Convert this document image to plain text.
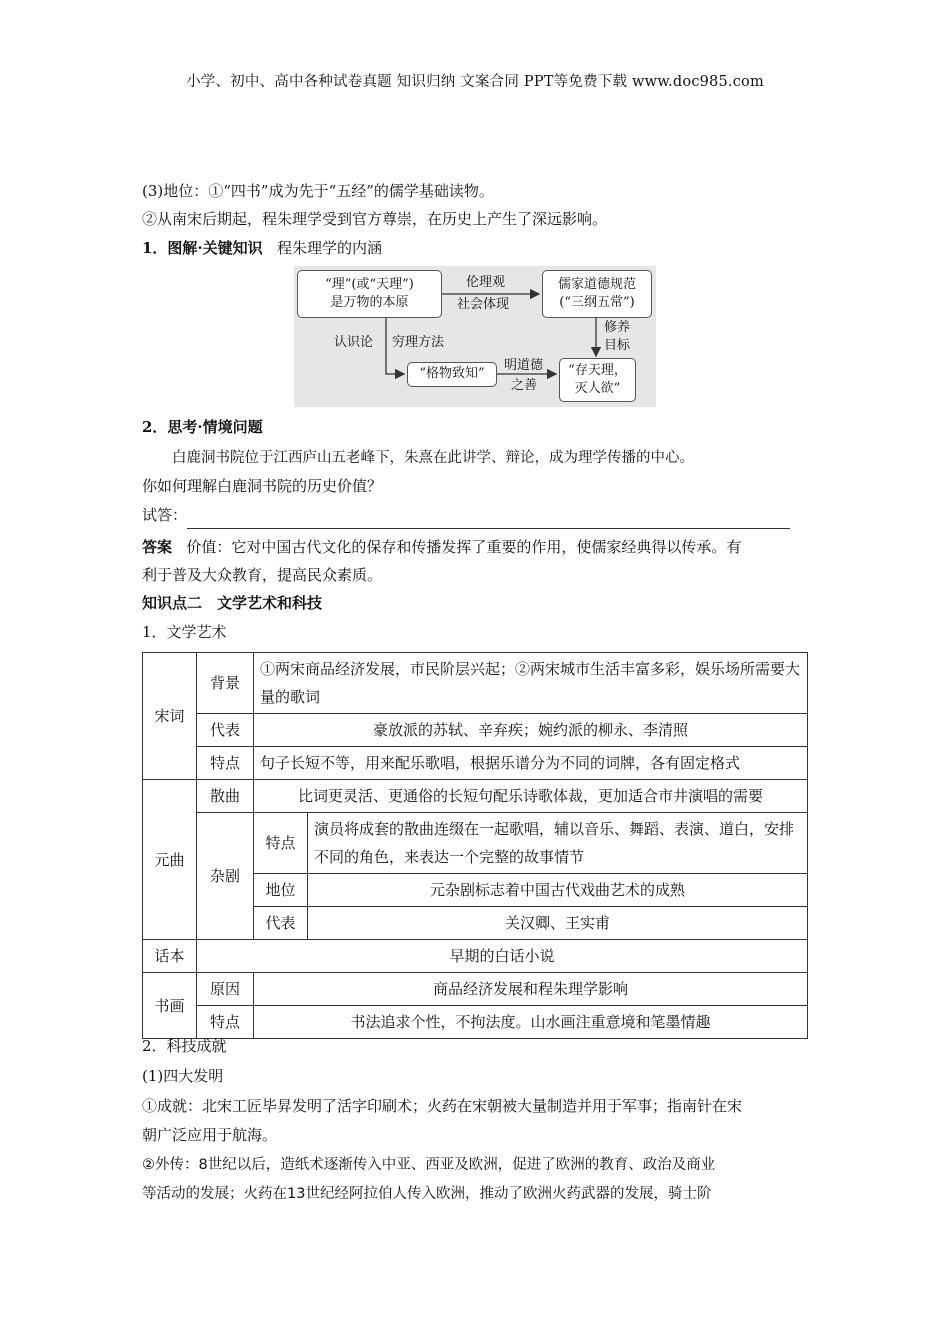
小学、初中、高中各种试卷真题 知识归纳 文案合同 PPT等免费下载 www.doc985.com
(3)地位：①“四书”成为先于“五经”的儒学基础读物。
②从南宋后期起，程朱理学受到官方尊崇，在历史上产生了深远影响。
1．图解·关键知识 程朱理学的内涵
“理”(或“天理”)
是万物的本原
儒家道德规范
(“三纲五常”)
“格物致知”	“存天理，
灭人欲”
伦理观
社会体现
认识论 穷理方法
修养
目标
明道德
之善
2．思考·情境问题
白鹿洞书院位于江西庐山五老峰下，朱熹在此讲学、辩论，成为理学传播的中心。
你如何理解白鹿洞书院的历史价值？
试答：
答案 价值：它对中国古代文化的保存和传播发挥了重要的作用，使儒家经典得以传承。有
利于普及大众教育，提高民众素质。
知识点二　文学艺术和科技
1．文学艺术
宋词	背景	①两宋商品经济发展，市民阶层兴起；②两宋城市生活丰富多彩，娱乐场所需要大量的歌词	
	代表	豪放派的苏轼、辛弃疾；婉约派的柳永、李清照	
	特点	句子长短不等，用来配乐歌唱，根据乐谱分为不同的词牌，各有固定格式	
元曲	散曲	比词更灵活、更通俗的长短句配乐诗歌体裁，更加适合市井演唱的需要	
	杂剧	特点	演员将成套的散曲连缀在一起歌唱，辅以音乐、舞蹈、表演、道白，安排不同的角色，来表达一个完整的故事情节
		地位	元杂剧标志着中国古代戏曲艺术的成熟
		代表	关汉卿、王实甫
话本	早期的白话小说		
书画	原因	商品经济发展和程朱理学影响	
	特点	书法追求个性，不拘法度。山水画注重意境和笔墨情趣	
2．科技成就
(1)四大发明
①成就：北宋工匠毕昇发明了活字印刷术；火药在宋朝被大量制造并用于军事；指南针在宋
朝广泛应用于航海。
②外传：8世纪以后，造纸术逐渐传入中亚、西亚及欧洲，促进了欧洲的教育、政治及商业
等活动的发展；火药在13世纪经阿拉伯人传入欧洲，推动了欧洲火药武器的发展，骑士阶
